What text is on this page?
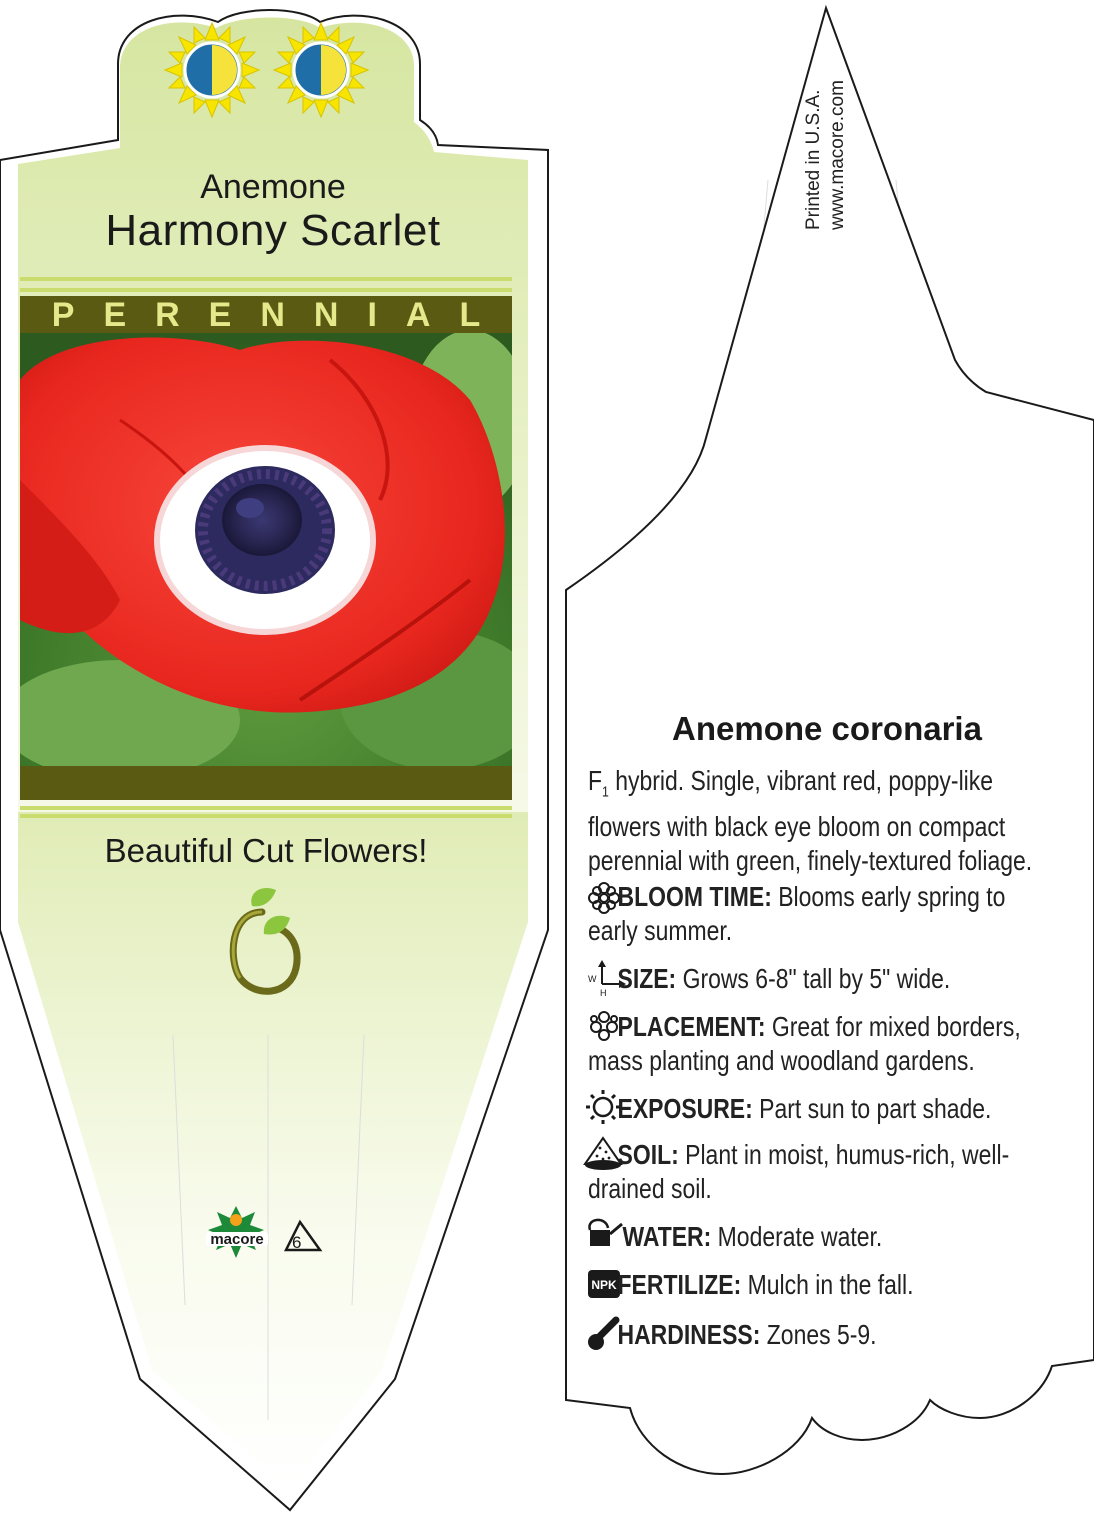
macore
W
H
NPK

Anemone

Harmony Scarlet

PERENNIAL

Beautiful Cut Flowers!

6
Printed in U.S.A. www.macore.com

Anemone coronaria

$F_1$ hybrid. Single, vibrant red, poppy-like flowers with black eye bloom on compact perennial with green, finely-textured foliage.
BLOOM TIME: Blooms early spring to early summer.
SIZE: Grows 6-8" tall by 5" wide.
PLACEMENT: Great for mixed borders, mass planting and woodland gardens.
EXPOSURE: Part sun to part shade.
SOIL: Plant in moist, humus-rich, well-drained soil.
WATER: Moderate water.
FERTILIZE: Mulch in the fall.
HARDINESS: Zones 5-9.
